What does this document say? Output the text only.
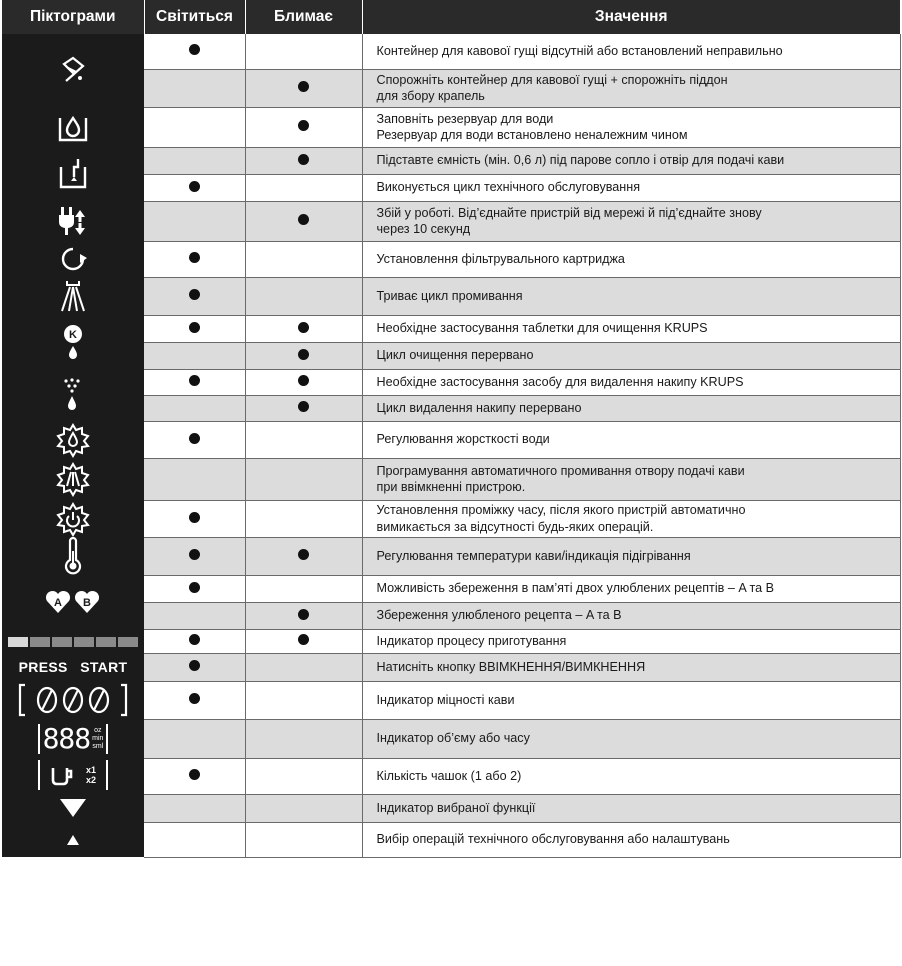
Піктограми	Світиться	Блимає	Значення

			Контейнер для кавової гущі відсутній або встановлений неправильно
			Спорожніть контейнер для кавової гущі + спорожніть піддон
для збору крапель

			Заповніть резервуар для води
Резервуар для води встановлено неналежним чином

			Підставте ємність (мін. 0,6 л) під парове сопло і отвір для подачі кави
			Виконується цикл технічного обслуговування

			Збій у роботі. Від’єднайте пристрій від мережі й під’єднайте знову
через 10 секунд

			Установлення фільтрувального картриджа

			Триває цикл промивання

K			Необхідне застосування таблетки для очищення KRUPS
			Цикл очищення перервано

			Необхідне застосування засобу для видалення накипу KRUPS
			Цикл видалення накипу перервано

			Регулювання жорсткості води

			Програмування автоматичного промивання отвору подачі кави
при ввімкненні пристрою.

			Установлення проміжку часу, після якого пристрій автоматично
вимикається за відсутності будь-яких операцій.

			Регулювання температури кави/індикація підігрівання

A B			Можливість збереження в пам’яті двох улюблених рецептів – A та B
			Збереження улюбленого рецепта – A та B

			Індикатор процесу приготування
PRESS   START			Натисніть кнопку ВВІМКНЕННЯ/ВИМКНЕННЯ

			Індикатор міцності кави

888 oz
min
sml			Індикатор об’єму або часу

x1
x2			Кількість чашок (1 або 2)

			Індикатор вибраної функції

			Вибір операцій технічного обслуговування або налаштувань
